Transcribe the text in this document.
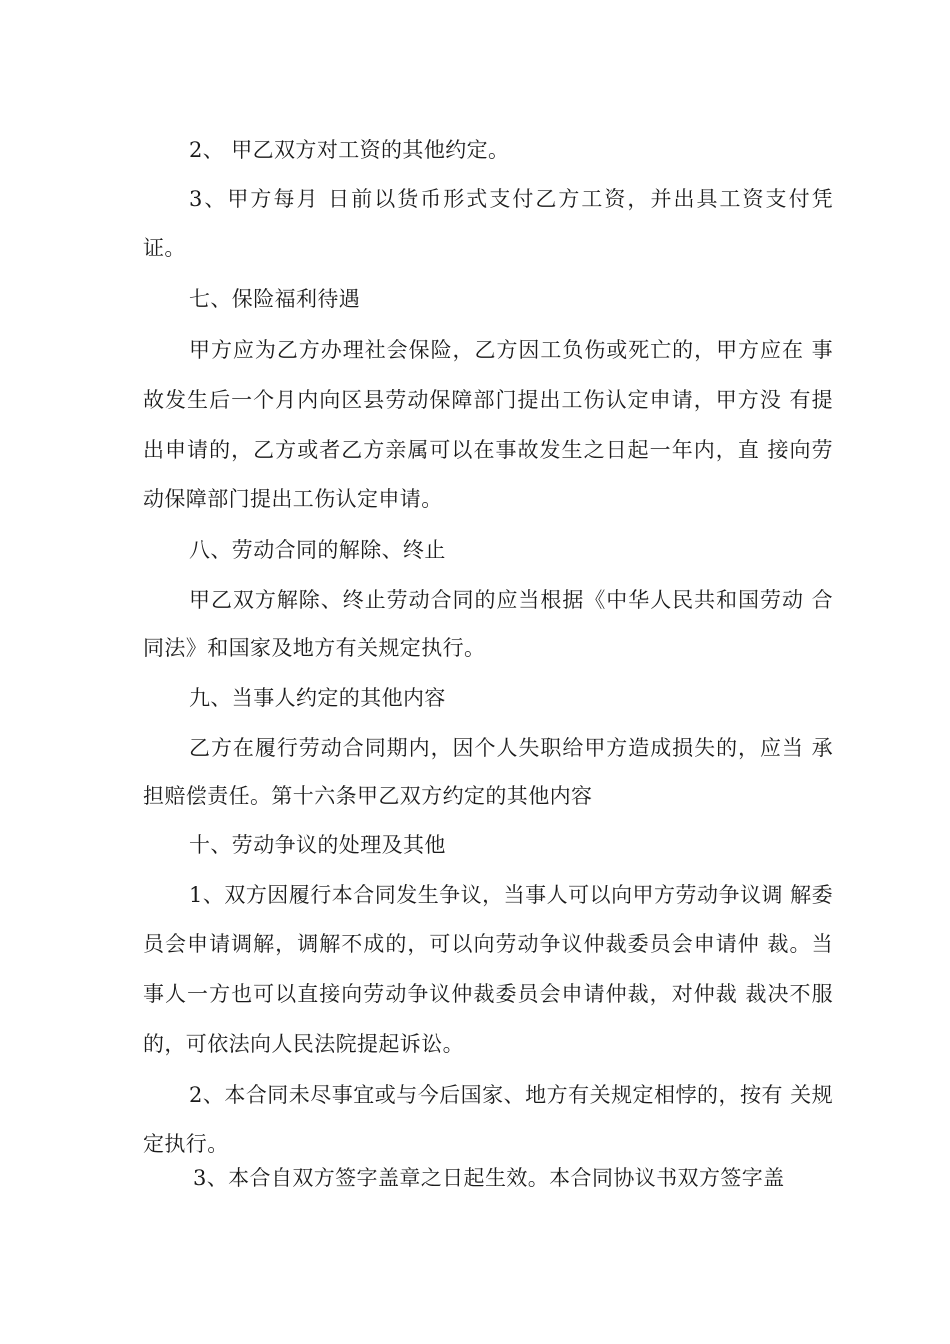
2、 甲乙双方对工资的其他约定。
3、甲方每月 日前以货币形式支付乙方工资，并出具工资支付凭
证。
七、保险福利待遇
甲方应为乙方办理社会保险，乙方因工负伤或死亡的，甲方应在 事
故发生后一个月内向区县劳动保障部门提出工伤认定申请，甲方没 有提
出申请的，乙方或者乙方亲属可以在事故发生之日起一年内，直 接向劳
动保障部门提出工伤认定申请。
八、劳动合同的解除、终止
甲乙双方解除、终止劳动合同的应当根据《中华人民共和国劳动 合
同法》和国家及地方有关规定执行。
九、当事人约定的其他内容
乙方在履行劳动合同期内，因个人失职给甲方造成损失的，应当 承
担赔偿责任。第十六条甲乙双方约定的其他内容
十、劳动争议的处理及其他
1、双方因履行本合同发生争议，当事人可以向甲方劳动争议调 解委
员会申请调解，调解不成的，可以向劳动争议仲裁委员会申请仲 裁。当
事人一方也可以直接向劳动争议仲裁委员会申请仲裁，对仲裁 裁决不服
的，可依法向人民法院提起诉讼。
2、本合同未尽事宜或与今后国家、地方有关规定相悖的，按有 关规
定执行。
3、本合自双方签字盖章之日起生效。本合同协议书双方签字盖
